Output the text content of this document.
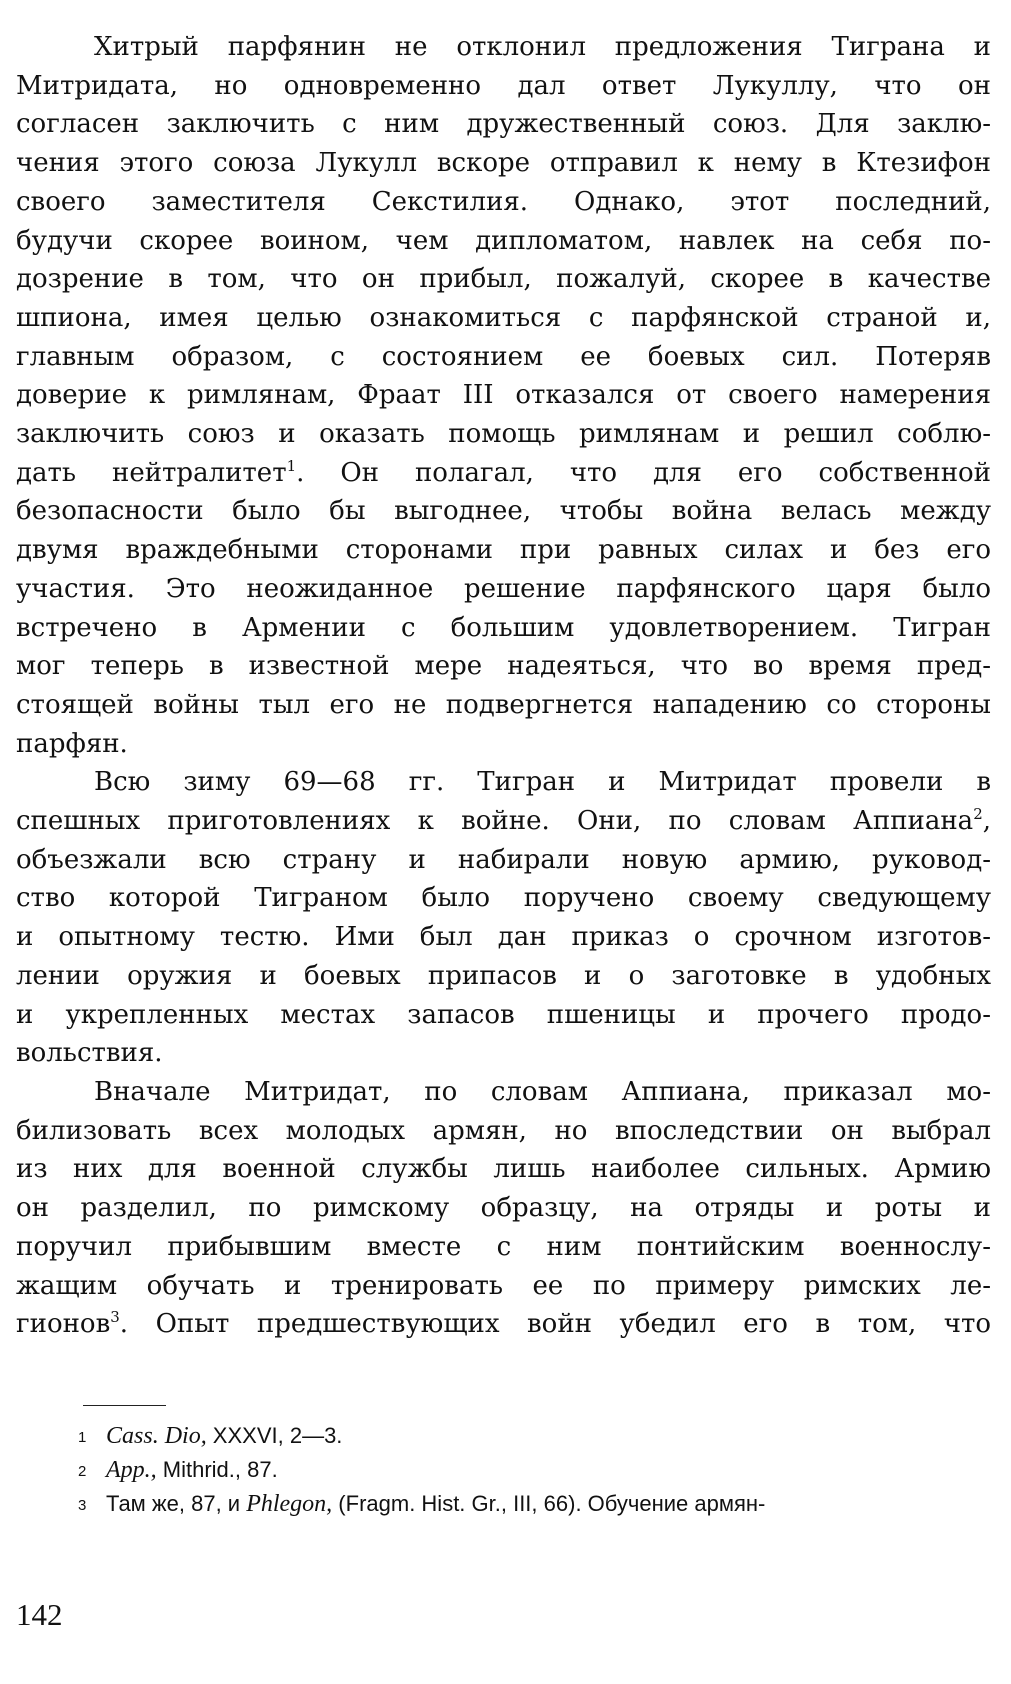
Хитрый парфянин не отклонил предложения Тиграна и

Митридата, но одновременно дал ответ Лукуллу, что он

согласен заключить с ним дружественный союз. Для заклю-

чения этого союза Лукулл вскоре отправил к нему в Ктезифон

своего заместителя Секстилия. Однако, этот последний,

будучи скорее воином, чем дипломатом, навлек на себя по-

дозрение в том, что он прибыл, пожалуй, скорее в качестве

шпиона, имея целью ознакомиться с парфянской страной и,

главным образом, с состоянием ее боевых сил. Потеряв

доверие к римлянам, Фраат III отказался от своего намерения

заключить союз и оказать помощь римлянам и решил соблю-

дать нейтралитет$^1$. Он полагал, что для его собственной

безопасности было бы выгоднее, чтобы война велась между

двумя враждебными сторонами при равных силах и без его

участия. Это неожиданное решение парфянского царя было

встречено в Армении с большим удовлетворением. Тигран

мог теперь в известной мере надеяться, что во время пред-

стоящей войны тыл его не подвергнется нападению со стороны

парфян.

Всю зиму 69—68 гг. Тигран и Митридат провели в

спешных приготовлениях к войне. Они, по словам Аппиана$^2$,

объезжали всю страну и набирали новую армию, руковод-

ство которой Тиграном было поручено своему сведующему

и опытному тестю. Ими был дан приказ о срочном изготов-

лении оружия и боевых припасов и о заготовке в удобных

и укрепленных местах запасов пшеницы и прочего продо-

вольствия.

Вначале Митридат, по словам Аппиана, приказал мо-

билизовать всех молодых армян, но впоследствии он выбрал

из них для военной службы лишь наиболее сильных. Армию

он разделил, по римскому образцу, на отряды и роты и

поручил прибывшим вместе с ним понтийским военнослу-

жащим обучать и тренировать ее по примеру римских ле-

гионов$^3$. Опыт предшествующих войн убедил его в том, что

1 Cass. Dio, XXXVI, 2—3.

2 App., Mithrid., 87.

3 Там же, 87, и Phlegon, (Fragm. Hist. Gr., III, 66). Обучение армян-

142
